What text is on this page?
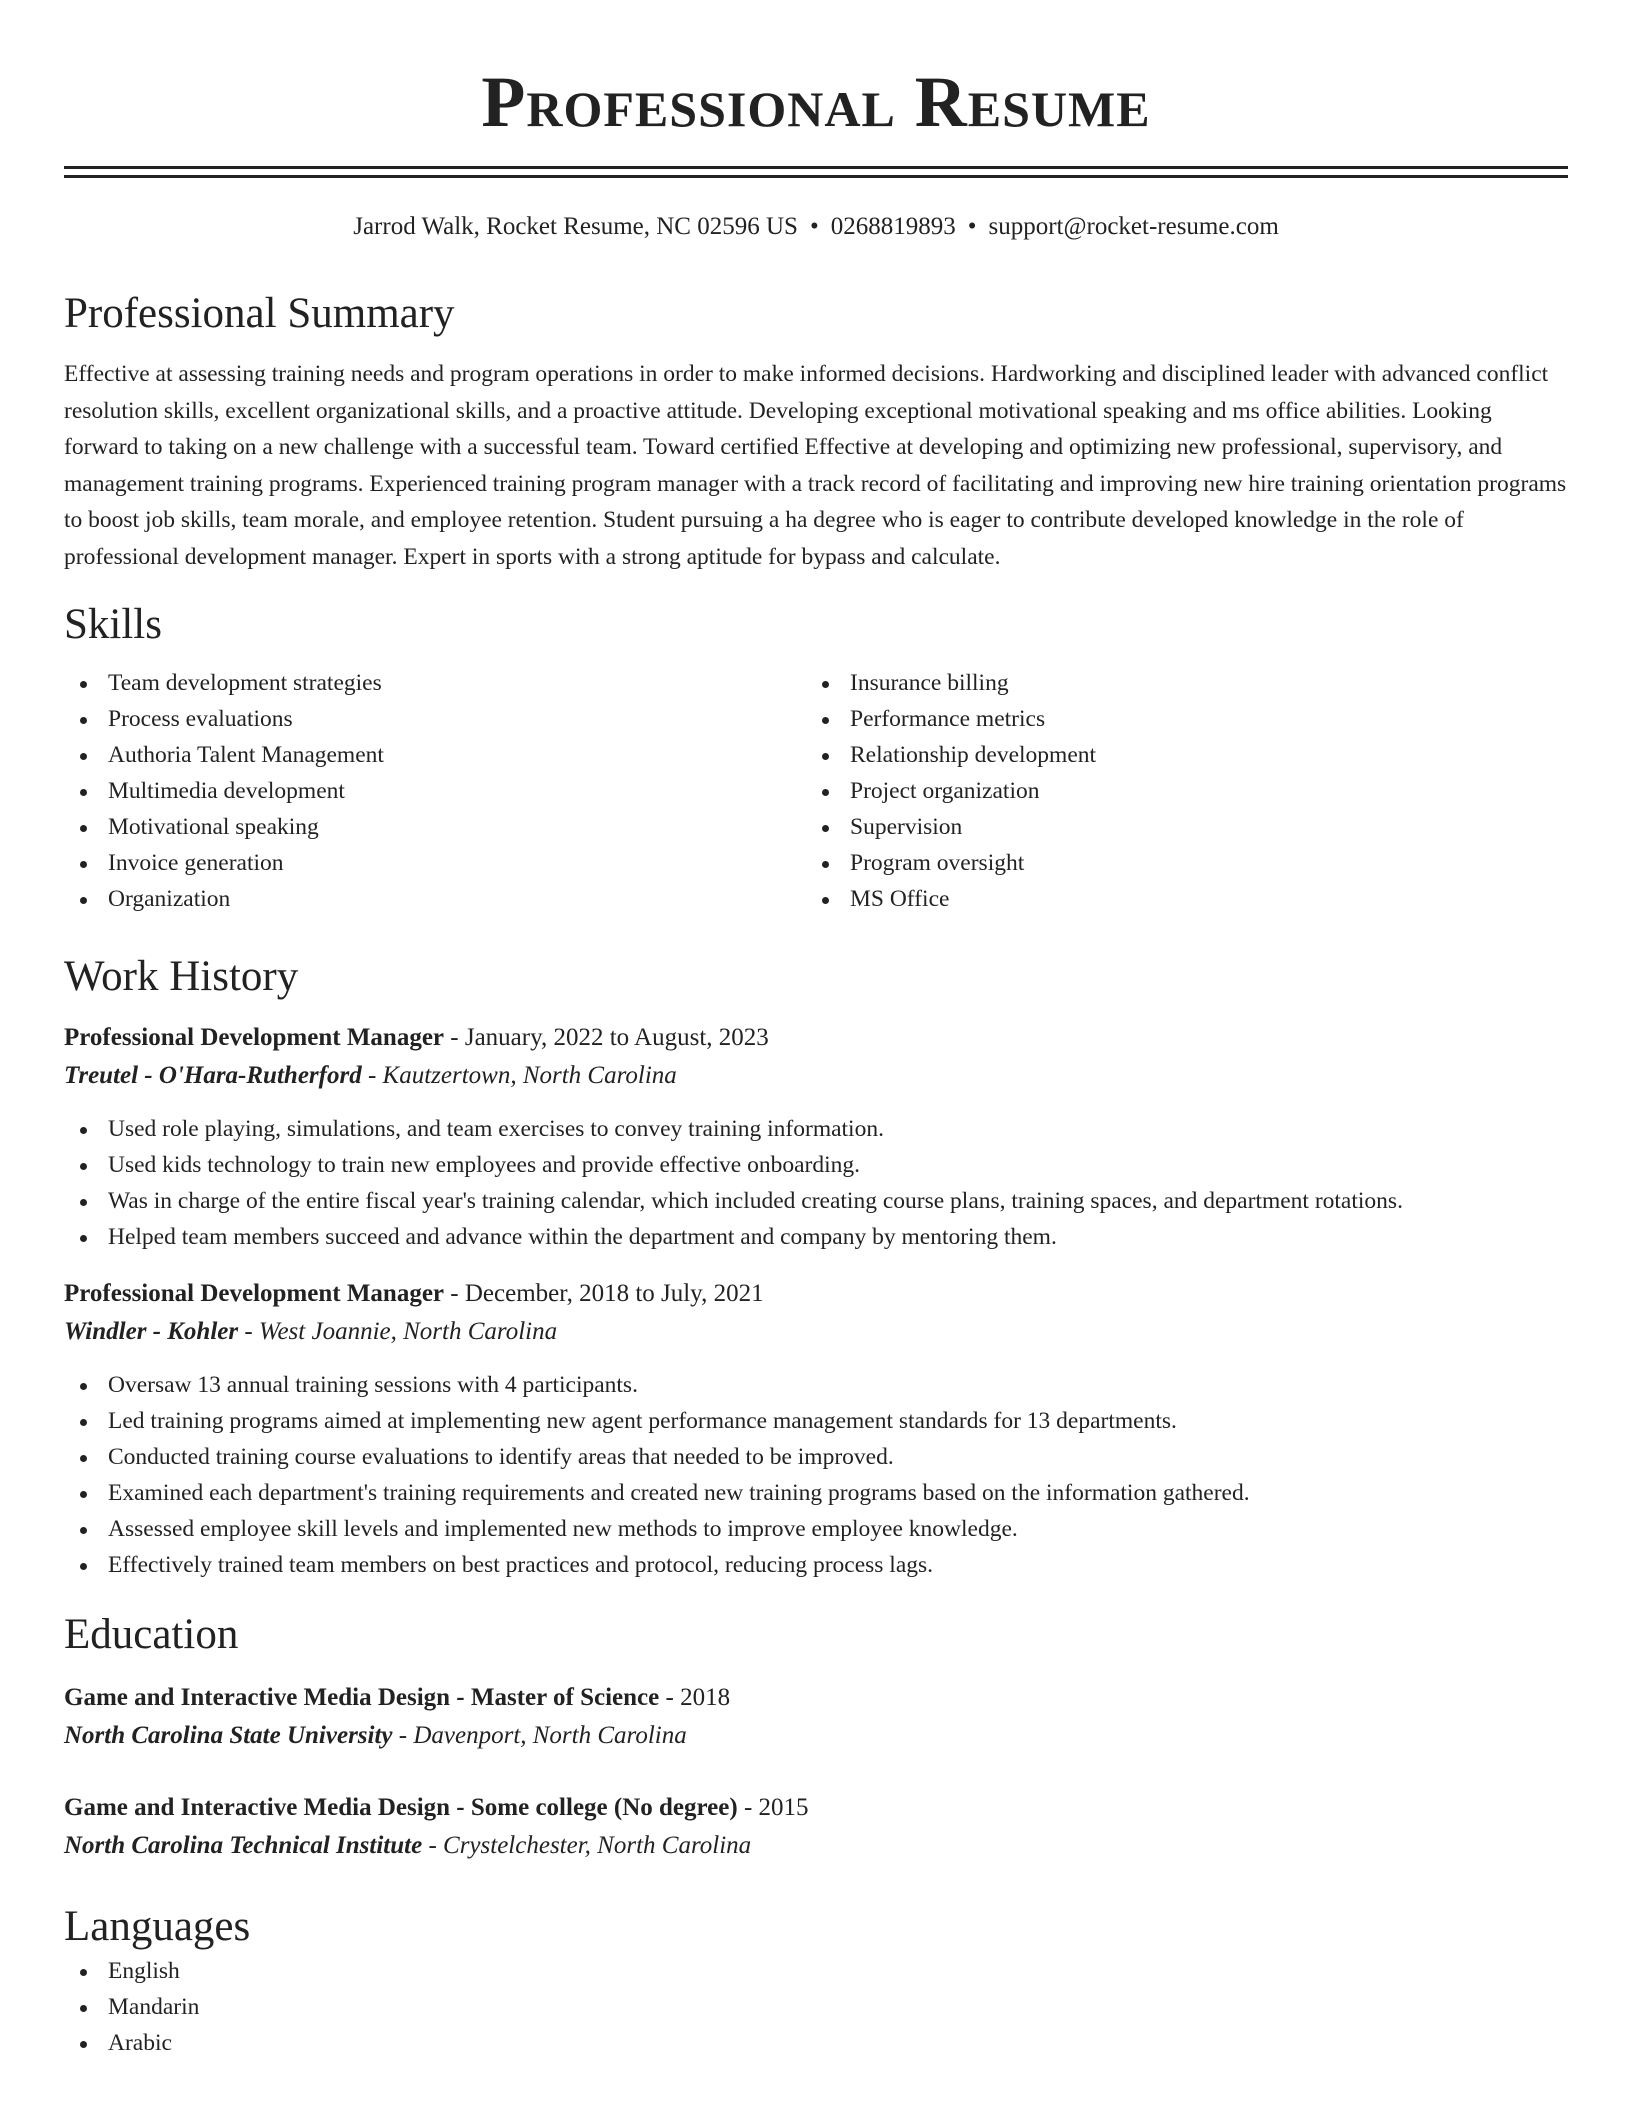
Professional Resume
Jarrod Walk, Rocket Resume, NC 02596 US • 0268819893 • support@rocket-resume.com
Professional Summary
Effective at assessing training needs and program operations in order to make informed decisions. Hardworking and disciplined leader with advanced conflict resolution skills, excellent organizational skills, and a proactive attitude. Developing exceptional motivational speaking and ms office abilities. Looking forward to taking on a new challenge with a successful team. Toward certified Effective at developing and optimizing new professional, supervisory, and management training programs. Experienced training program manager with a track record of facilitating and improving new hire training orientation programs to boost job skills, team morale, and employee retention. Student pursuing a ha degree who is eager to contribute developed knowledge in the role of professional development manager. Expert in sports with a strong aptitude for bypass and calculate.
Skills
Team development strategies
Process evaluations
Authoria Talent Management
Multimedia development
Motivational speaking
Invoice generation
Organization
Insurance billing
Performance metrics
Relationship development
Project organization
Supervision
Program oversight
MS Office
Work History
Professional Development Manager - January, 2022 to August, 2023
Treutel - O'Hara-Rutherford - Kautzertown, North Carolina
Used role playing, simulations, and team exercises to convey training information.
Used kids technology to train new employees and provide effective onboarding.
Was in charge of the entire fiscal year's training calendar, which included creating course plans, training spaces, and department rotations.
Helped team members succeed and advance within the department and company by mentoring them.
Professional Development Manager - December, 2018 to July, 2021
Windler - Kohler - West Joannie, North Carolina
Oversaw 13 annual training sessions with 4 participants.
Led training programs aimed at implementing new agent performance management standards for 13 departments.
Conducted training course evaluations to identify areas that needed to be improved.
Examined each department's training requirements and created new training programs based on the information gathered.
Assessed employee skill levels and implemented new methods to improve employee knowledge.
Effectively trained team members on best practices and protocol, reducing process lags.
Education
Game and Interactive Media Design - Master of Science - 2018
North Carolina State University - Davenport, North Carolina
Game and Interactive Media Design - Some college (No degree) - 2015
North Carolina Technical Institute - Crystelchester, North Carolina
Languages
English
Mandarin
Arabic
